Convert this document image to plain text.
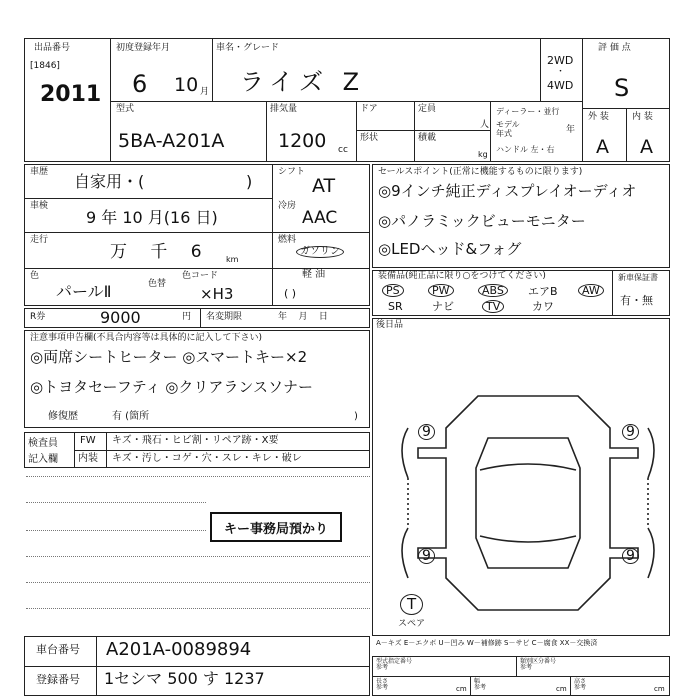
出品番号
[1846]
2011
初度登録年月
6 10 月
車名・グレード
ライズ Z
2WD
・
4WD
評 価 点
S
型式
5BA-A201A
排気量
1200 cc
ドア
形状
定員
人
積載
kg
ディーラー・並行
モデル
年式	年
ハンドル 左・右
外 装	内 装
A A
車歴 自家用・(	)
車検
9 年 10 月(16 日)
走行
万 千 6	km
色
パールⅡ	色替
色コード
×H3
シフト
AT
冷房
AAC
燃料
ガソリン
軽 油
( )
R券	9000	円 名変期限	年    月    日
セールスポイント(正常に機能するものに限ります)
◎9インチ純正ディスプレイオーディオ
◎パノラミックビューモニター
◎LEDヘッド&フォグ
装備品(純正品に限り○をつけてください)
PS	PW	ABS	エアB	AW
SR	ナビ	TV	カワ
新車保証書
有・無
注意事項申告欄(不具合内容等は具体的に記入して下さい)
◎両席シートヒーター ◎スマートキー×2
◎トヨタセーフティ ◎クリアランスソナー
修復歴	有 (箇所	)
検査員
記入欄
FW キズ・飛石・ヒビ割・リペア跡・X要
内装 キズ・汚し・コゲ・穴・スレ・キレ・破レ
キー事務局預かり
後日品
9	9
9	9
T
スペア
A－キズ E－エクボ U－凹み W－補修跡 S－サビ C－腐食 XX－交換済
車台番号 A201A-0089894
登録番号 1セシマ 500 す 1237
型式指定番号
参考
類別区分番号
参考
長さ
参考	cm
幅
参考	cm
高さ
参考	cm
